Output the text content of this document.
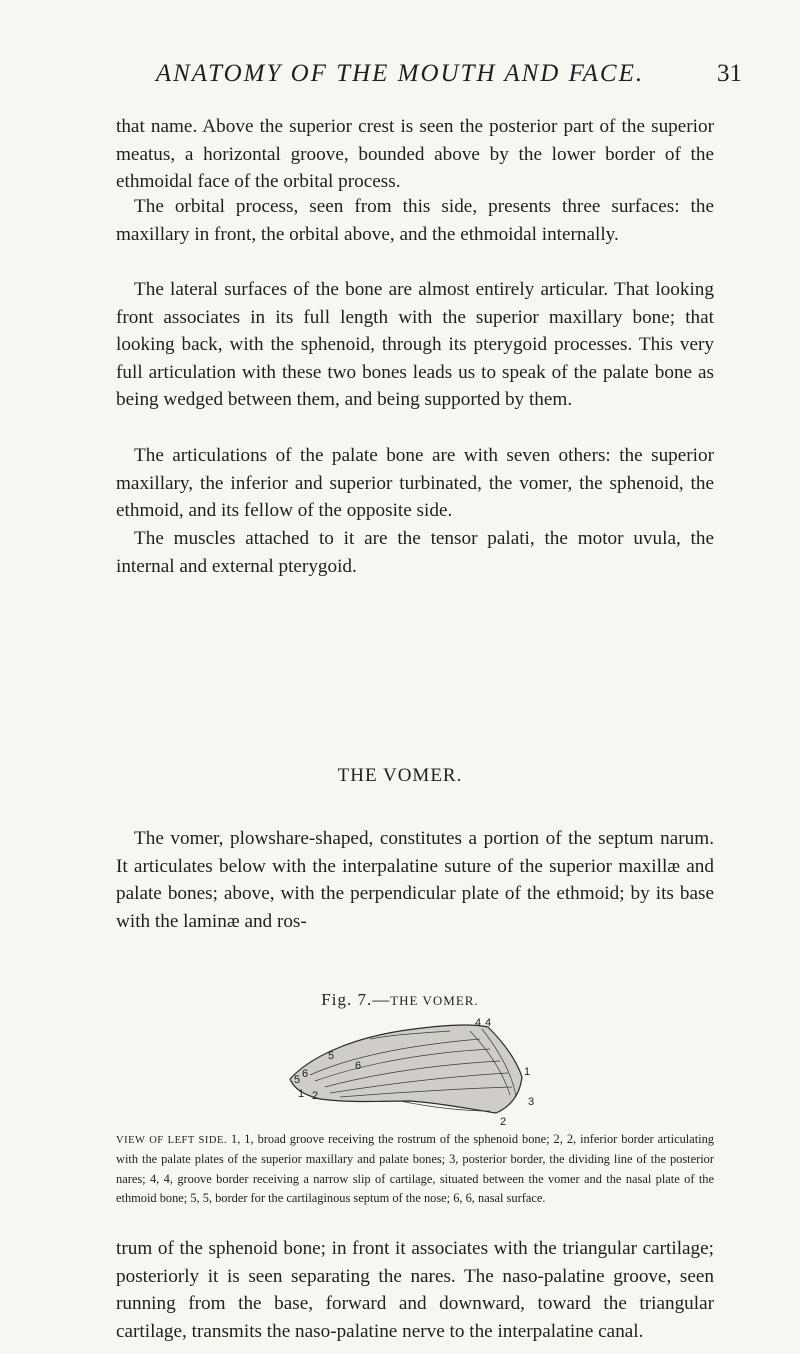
ANATOMY OF THE MOUTH AND FACE.	31

that name. Above the superior crest is seen the posterior part of the superior meatus, a horizontal groove, bounded above by the lower border of the ethmoidal face of the orbital process.

The orbital process, seen from this side, presents three surfaces: the maxillary in front, the orbital above, and the ethmoidal internally.

The lateral surfaces of the bone are almost entirely articular. That looking front associates in its full length with the superior maxillary bone; that looking back, with the sphenoid, through its pterygoid processes. This very full articulation with these two bones leads us to speak of the palate bone as being wedged between them, and being supported by them.

The articulations of the palate bone are with seven others: the superior maxillary, the inferior and superior turbinated, the vomer, the sphenoid, the ethmoid, and its fellow of the opposite side.

The muscles attached to it are the tensor palati, the motor uvula, the internal and external pterygoid.

THE VOMER.

The vomer, plowshare-shaped, constitutes a portion of the septum narum. It articulates below with the interpalatine suture of the superior maxillæ and palate bones; above, with the perpendicular plate of the ethmoid; by its base with the laminæ and ros-

Fig. 7.—THE VOMER.
4 4
1
5
6
5 6
1 2
2
3

VIEW OF LEFT SIDE. 1, 1, broad groove receiving the rostrum of the sphenoid bone; 2, 2, inferior border articulating with the palate plates of the superior maxillary and palate bones; 3, posterior border, the dividing line of the posterior nares; 4, 4, groove border receiving a narrow slip of cartilage, situated between the vomer and the nasal plate of the ethmoid bone; 5, 5, border for the cartilaginous septum of the nose; 6, 6, nasal surface.

trum of the sphenoid bone; in front it associates with the triangular cartilage; posteriorly it is seen separating the nares. The naso-palatine groove, seen running from the base, forward and downward, toward the triangular cartilage, transmits the naso-palatine nerve to the interpalatine canal.
